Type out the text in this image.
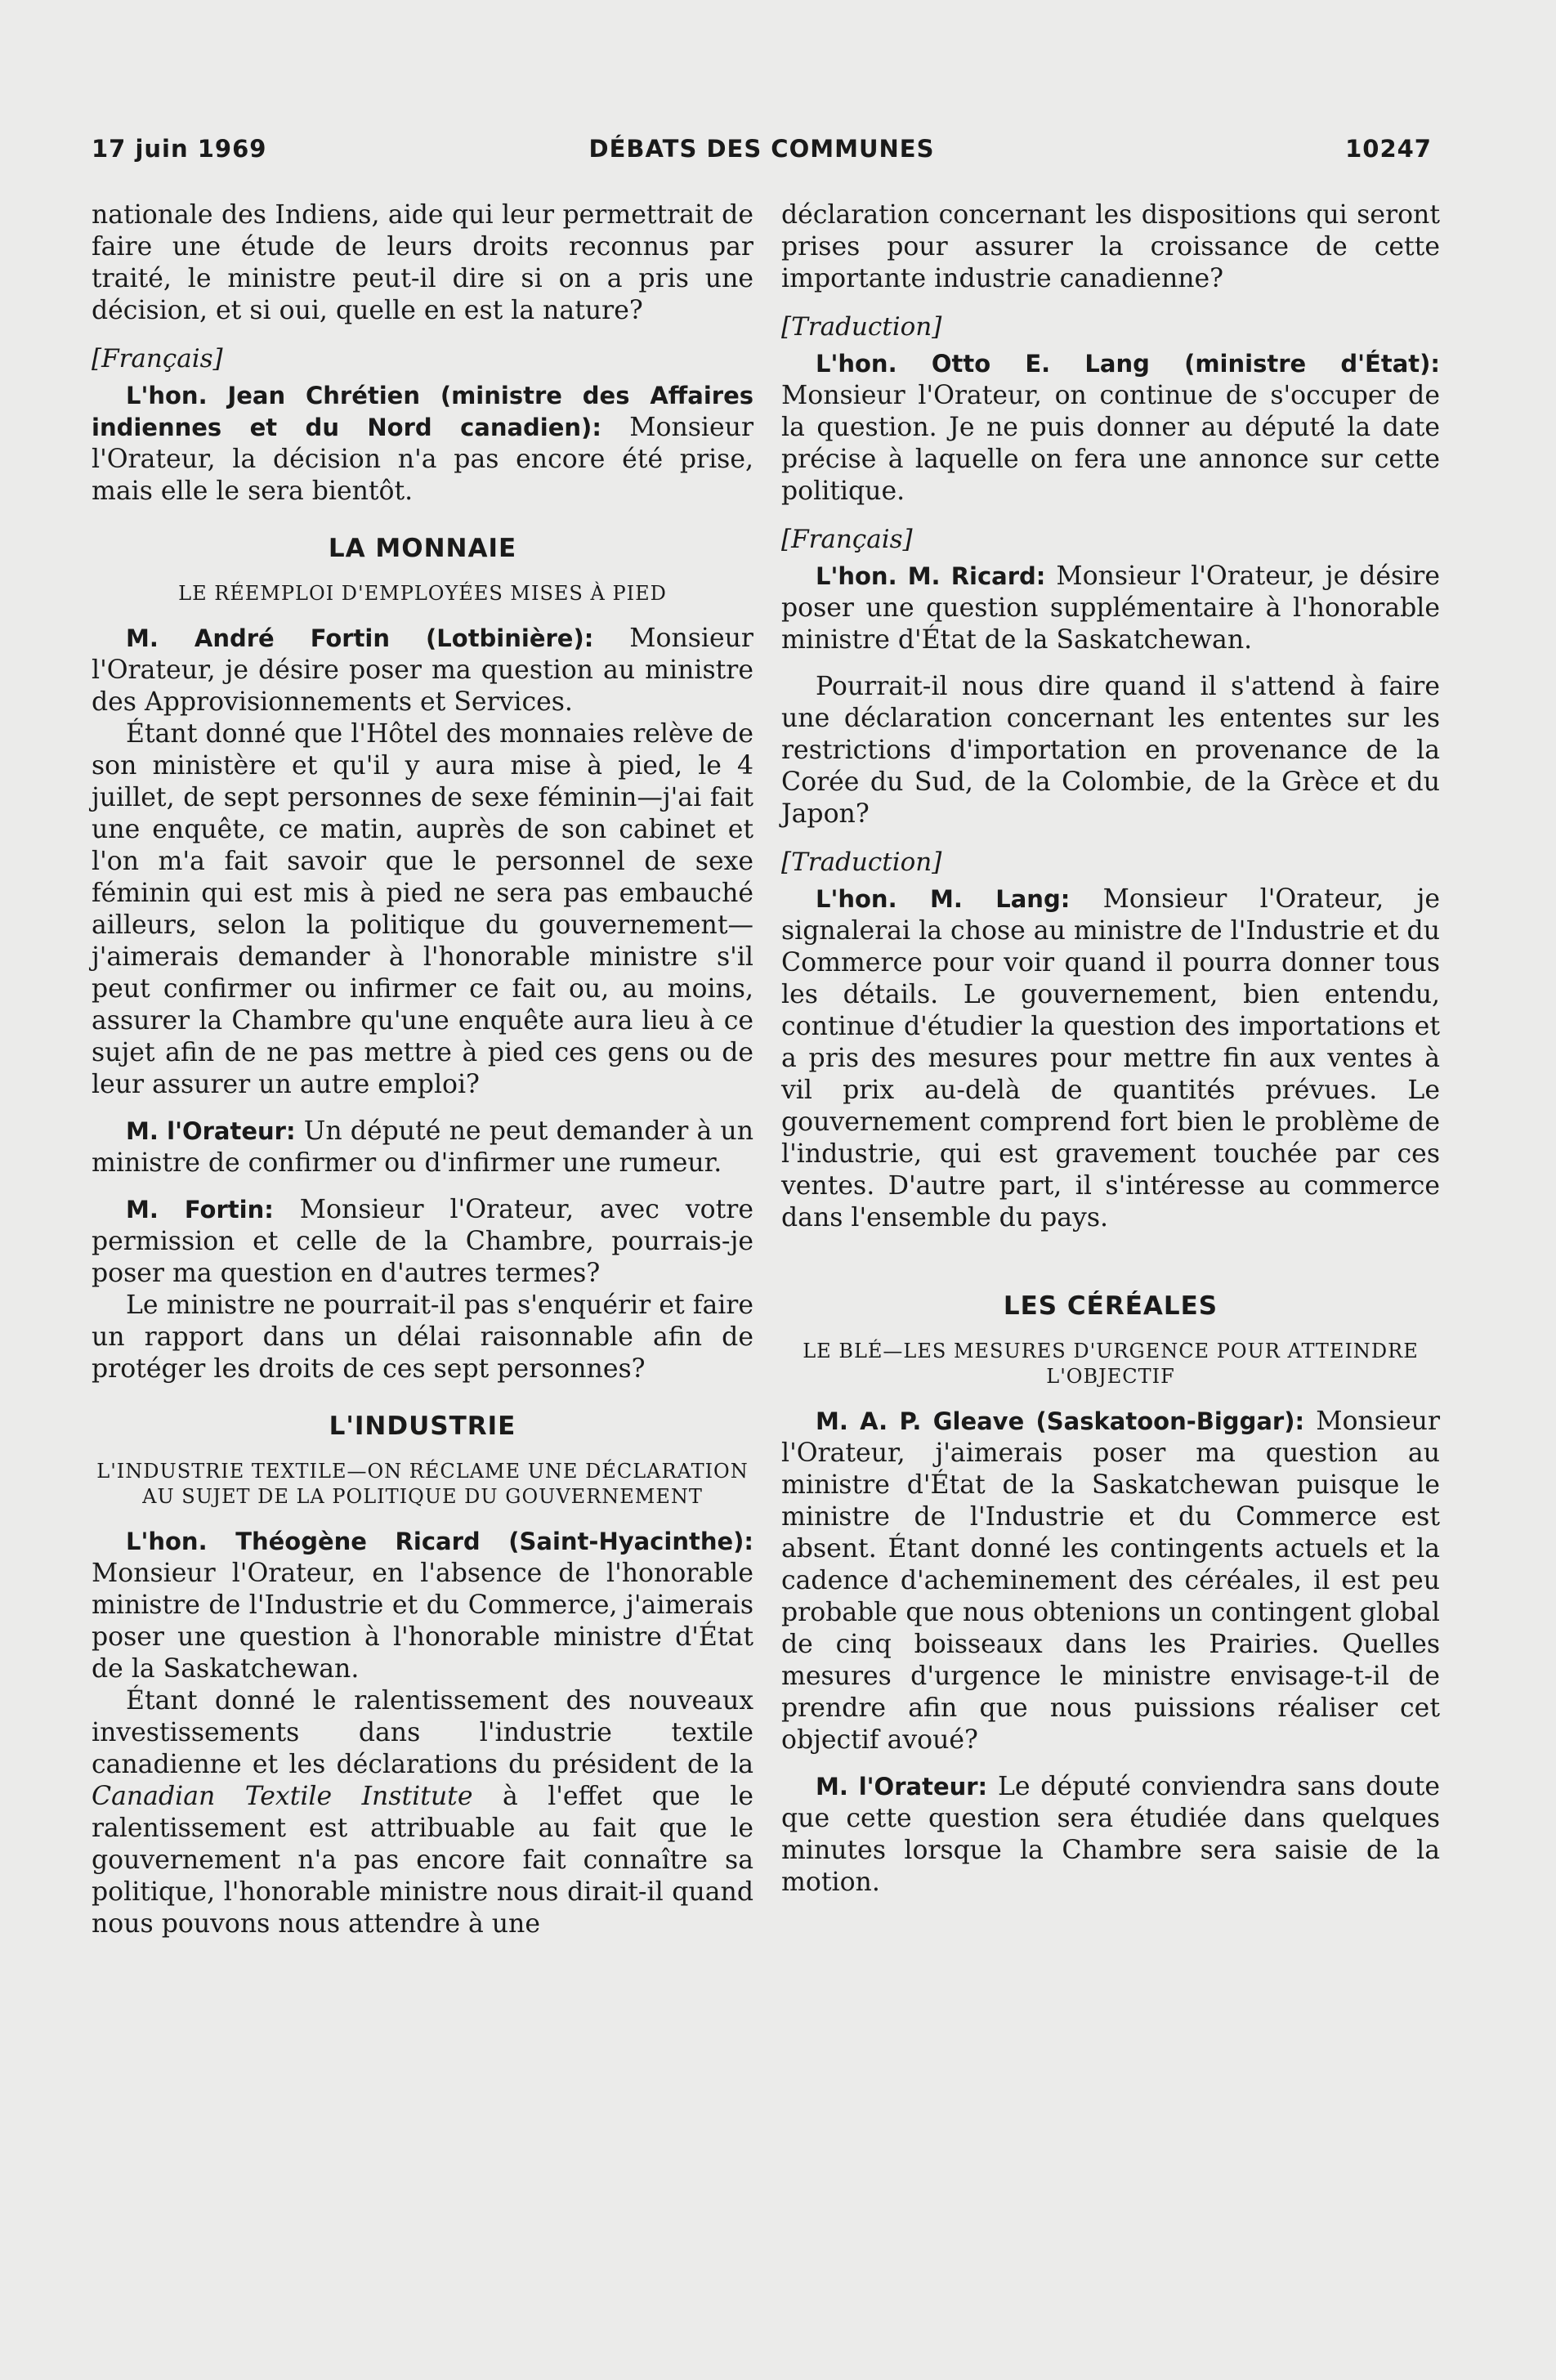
17 juin 1969	DÉBATS DES COMMUNES	10247

nationale des Indiens, aide qui leur permettrait de faire une étude de leurs droits reconnus par traité, le ministre peut-il dire si on a pris une décision, et si oui, quelle en est la nature?

[Français]

L'hon. Jean Chrétien (ministre des Affaires indiennes et du Nord canadien): Monsieur l'Orateur, la décision n'a pas encore été prise, mais elle le sera bientôt.

LA MONNAIE
LE RÉEMPLOI D'EMPLOYÉES MISES À PIED

M. André Fortin (Lotbinière): Monsieur l'Orateur, je désire poser ma question au ministre des Approvisionnements et Services.

Étant donné que l'Hôtel des monnaies relève de son ministère et qu'il y aura mise à pied, le 4 juillet, de sept personnes de sexe féminin—j'ai fait une enquête, ce matin, auprès de son cabinet et l'on m'a fait savoir que le personnel de sexe féminin qui est mis à pied ne sera pas embauché ailleurs, selon la politique du gouvernement—j'aimerais demander à l'honorable ministre s'il peut confirmer ou infirmer ce fait ou, au moins, assurer la Chambre qu'une enquête aura lieu à ce sujet afin de ne pas mettre à pied ces gens ou de leur assurer un autre emploi?

M. l'Orateur: Un député ne peut demander à un ministre de confirmer ou d'infirmer une rumeur.

M. Fortin: Monsieur l'Orateur, avec votre permission et celle de la Chambre, pourrais-je poser ma question en d'autres termes?

Le ministre ne pourrait-il pas s'enquérir et faire un rapport dans un délai raisonnable afin de protéger les droits de ces sept personnes?

L'INDUSTRIE
L'INDUSTRIE TEXTILE—ON RÉCLAME UNE DÉCLARATION AU SUJET DE LA POLITIQUE DU GOUVERNEMENT

L'hon. Théogène Ricard (Saint-Hyacinthe): Monsieur l'Orateur, en l'absence de l'honorable ministre de l'Industrie et du Commerce, j'aimerais poser une question à l'honorable ministre d'État de la Saskatchewan.

Étant donné le ralentissement des nouveaux investissements dans l'industrie textile canadienne et les déclarations du président de la Canadian Textile Institute à l'effet que le ralentissement est attribuable au fait que le gouvernement n'a pas encore fait connaître sa politique, l'honorable ministre nous dirait-il quand nous pouvons nous attendre à une

déclaration concernant les dispositions qui seront prises pour assurer la croissance de cette importante industrie canadienne?

[Traduction]

L'hon. Otto E. Lang (ministre d'État): Monsieur l'Orateur, on continue de s'occuper de la question. Je ne puis donner au député la date précise à laquelle on fera une annonce sur cette politique.

[Français]

L'hon. M. Ricard: Monsieur l'Orateur, je désire poser une question supplémentaire à l'honorable ministre d'État de la Saskatchewan.

Pourrait-il nous dire quand il s'attend à faire une déclaration concernant les ententes sur les restrictions d'importation en provenance de la Corée du Sud, de la Colombie, de la Grèce et du Japon?

[Traduction]

L'hon. M. Lang: Monsieur l'Orateur, je signalerai la chose au ministre de l'Industrie et du Commerce pour voir quand il pourra donner tous les détails. Le gouvernement, bien entendu, continue d'étudier la question des importations et a pris des mesures pour mettre fin aux ventes à vil prix au-delà de quantités prévues. Le gouvernement comprend fort bien le problème de l'industrie, qui est gravement touchée par ces ventes. D'autre part, il s'intéresse au commerce dans l'ensemble du pays.

LES CÉRÉALES
LE BLÉ—LES MESURES D'URGENCE POUR ATTEINDRE L'OBJECTIF

M. A. P. Gleave (Saskatoon-Biggar): Monsieur l'Orateur, j'aimerais poser ma question au ministre d'État de la Saskatchewan puisque le ministre de l'Industrie et du Commerce est absent. Étant donné les contingents actuels et la cadence d'acheminement des céréales, il est peu probable que nous obtenions un contingent global de cinq boisseaux dans les Prairies. Quelles mesures d'urgence le ministre envisage-t-il de prendre afin que nous puissions réaliser cet objectif avoué?

M. l'Orateur: Le député conviendra sans doute que cette question sera étudiée dans quelques minutes lorsque la Chambre sera saisie de la motion.
